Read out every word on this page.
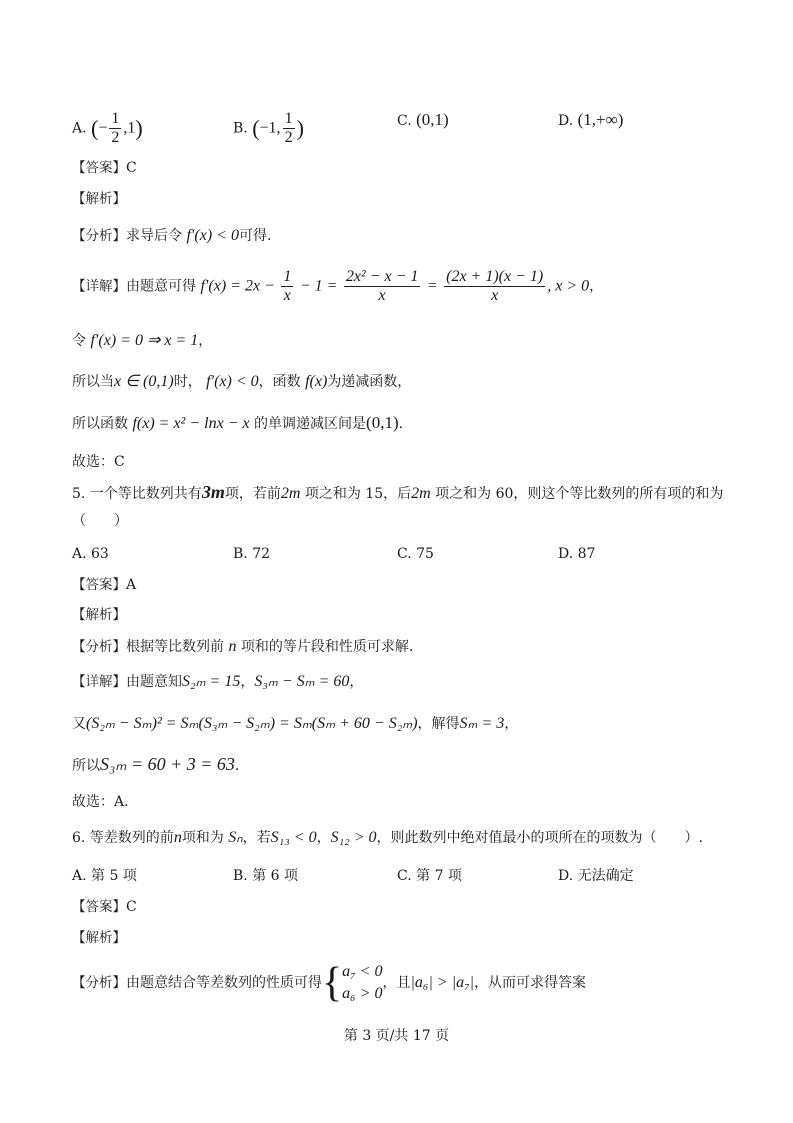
A. (− $\frac{1}{2} ,1$)	B. (−1, $\frac{1}{2}$ )	C. (0,1)	D. (1,+∞)
【答案】C
【解析】
【分析】求导后令 f′(x) < 0可得.
【详解】由题意可得 $f'(x) = 2x - \frac{1}{x} - 1 = \frac{\text{2x² − x − 1}}{x} = \frac{(2x + 1)(x - 1)}{x}$ , x > 0，
令 f′(x) = 0 ⇒ x = 1，
所以当x ∈ (0,1)时， f′(x) < 0，函数 f(x)为递减函数，
所以函数 f(x) = x² − lnx − x 的单调递减区间是(0,1).
故选：C
5. 一个等比数列共有3m项，若前2m 项之和为 15，后2m 项之和为 60，则这个等比数列的所有项的和为
（　　）
A. 63	B. 72	C. 75	D. 87
【答案】A
【解析】
【分析】根据等比数列前 n 项和的等片段和性质可求解.
【详解】由题意知S₂ₘ = 15，S₃ₘ − Sₘ = 60，
又(S₂ₘ − Sₘ)² = Sₘ(S₃ₘ − S₂ₘ) = Sₘ(Sₘ + 60 − S₂ₘ)，解得Sₘ = 3，
所以S₃ₘ = 60 + 3 = 63.
故选：A.
6. 等差数列的前n项和为 Sₙ，若S₁₃ < 0，S₁₂ > 0，则此数列中绝对值最小的项所在的项数为（　　）.
A. 第 5 项	B. 第 6 项	C. 第 7 项	D. 无法确定
【答案】C
【解析】
【分析】由题意结合等差数列的性质可得{ a₇ < 0
a₆ > 0
，且|a₆| > |a₇|，从而可求得答案
第 3 页/共 17 页
